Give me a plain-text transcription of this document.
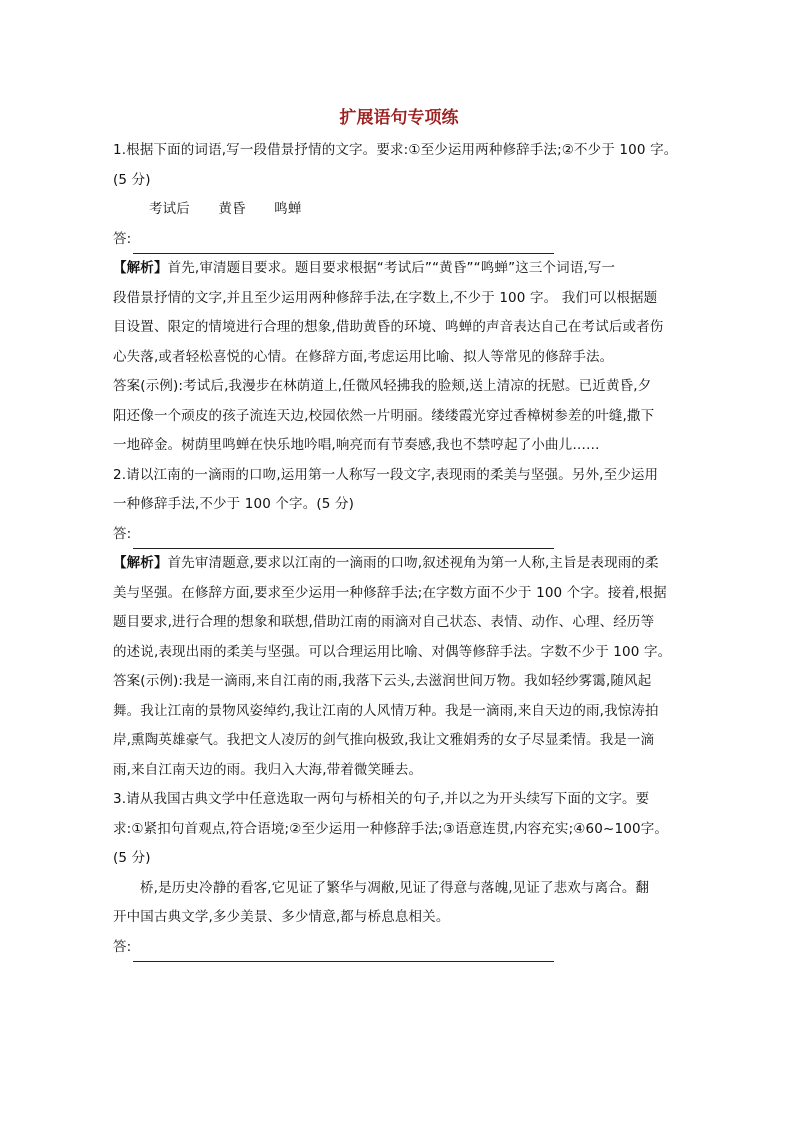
扩展语句专项练
1.根据下面的词语,写一段借景抒情的文字。要求:①至少运用两种修辞手法;②不少于 100 字。
(5 分)
考试后 黄昏 鸣蝉
答:
【解析】首先,审清题目要求。题目要求根据“考试后”“黄昏”“鸣蝉”这三个词语,写一
段借景抒情的文字,并且至少运用两种修辞手法,在字数上,不少于 100 字。 我们可以根据题
目设置、限定的情境进行合理的想象,借助黄昏的环境、鸣蝉的声音表达自己在考试后或者伤
心失落,或者轻松喜悦的心情。在修辞方面,考虑运用比喻、拟人等常见的修辞手法。
答案(示例):考试后,我漫步在林荫道上,任微风轻拂我的脸颊,送上清凉的抚慰。已近黄昏,夕
阳还像一个顽皮的孩子流连天边,校园依然一片明丽。缕缕霞光穿过香樟树参差的叶缝,撒下
一地碎金。树荫里鸣蝉在快乐地吟唱,响亮而有节奏感,我也不禁哼起了小曲儿……
2.请以江南的一滴雨的口吻,运用第一人称写一段文字,表现雨的柔美与坚强。另外,至少运用
一种修辞手法,不少于 100 个字。(5 分)
答:
【解析】首先审清题意,要求以江南的一滴雨的口吻,叙述视角为第一人称,主旨是表现雨的柔
美与坚强。在修辞方面,要求至少运用一种修辞手法;在字数方面不少于 100 个字。接着,根据
题目要求,进行合理的想象和联想,借助江南的雨滴对自己状态、表情、动作、心理、经历等
的述说,表现出雨的柔美与坚强。可以合理运用比喻、对偶等修辞手法。字数不少于 100 字。
答案(示例):我是一滴雨,来自江南的雨,我落下云头,去滋润世间万物。我如轻纱雾霭,随风起
舞。我让江南的景物风姿绰约,我让江南的人风情万种。我是一滴雨,来自天边的雨,我惊涛拍
岸,熏陶英雄豪气。我把文人凌厉的剑气推向极致,我让文雅娟秀的女子尽显柔情。我是一滴
雨,来自江南天边的雨。我归入大海,带着微笑睡去。
3.请从我国古典文学中任意选取一两句与桥相关的句子,并以之为开头续写下面的文字。要
求:①紧扣句首观点,符合语境;②至少运用一种修辞手法;③语意连贯,内容充实;④60~100字。
(5 分)
桥,是历史冷静的看客,它见证了繁华与凋敝,见证了得意与落魄,见证了悲欢与离合。翻
开中国古典文学,多少美景、多少情意,都与桥息息相关。
答:
